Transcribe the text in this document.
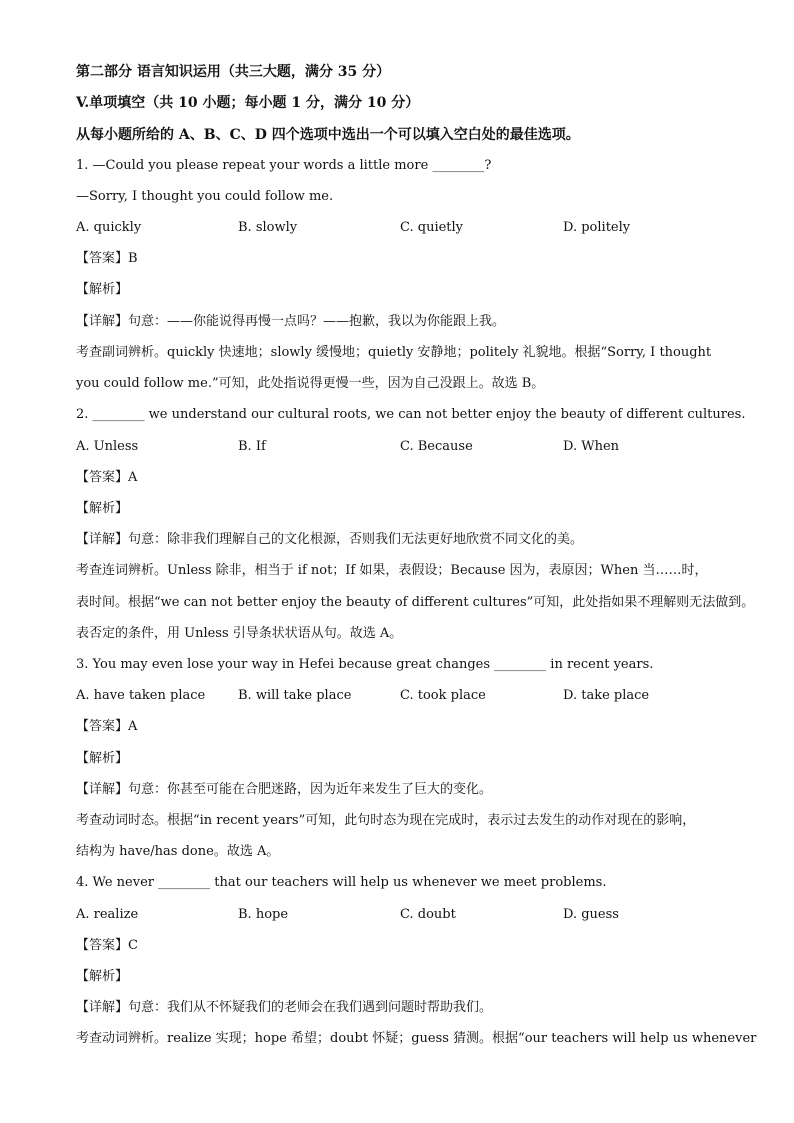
第二部分 语言知识运用（共三大题，满分 35 分）
V.单项填空（共 10 小题；每小题 1 分，满分 10 分）
从每小题所给的 A、B、C、D 四个选项中选出一个可以填入空白处的最佳选项。
1. —Could you please repeat your words a little more ________?
—Sorry, I thought you could follow me.
A. quickly	B. slowly	C. quietly	D. politely
【答案】B
【解析】
【详解】句意：——你能说得再慢一点吗？——抱歉，我以为你能跟上我。
考查副词辨析。quickly 快速地；slowly 缓慢地；quietly 安静地；politely 礼貌地。根据“Sorry, I thought
you could follow me.”可知，此处指说得更慢一些，因为自己没跟上。故选 B。
2. ________ we understand our cultural roots, we can not better enjoy the beauty of different cultures.
A. Unless	B. If	C. Because	D. When
【答案】A
【解析】
【详解】句意：除非我们理解自己的文化根源，否则我们无法更好地欣赏不同文化的美。
考查连词辨析。Unless 除非，相当于 if not；If 如果，表假设；Because 因为，表原因；When 当……时，
表时间。根据“we can not better enjoy the beauty of different cultures”可知，此处指如果不理解则无法做到。
表否定的条件，用 Unless 引导条状状语从句。故选 A。
3. You may even lose your way in Hefei because great changes ________ in recent years.
A. have taken place	B. will take place	C. took place	D. take place
【答案】A
【解析】
【详解】句意：你甚至可能在合肥迷路，因为近年来发生了巨大的变化。
考查动词时态。根据“in recent years”可知，此句时态为现在完成时，表示过去发生的动作对现在的影响，
结构为 have/has done。故选 A。
4. We never ________ that our teachers will help us whenever we meet problems.
A. realize	B. hope	C. doubt	D. guess
【答案】C
【解析】
【详解】句意：我们从不怀疑我们的老师会在我们遇到问题时帮助我们。
考查动词辨析。realize 实现；hope 希望；doubt 怀疑；guess 猜测。根据“our teachers will help us whenever
